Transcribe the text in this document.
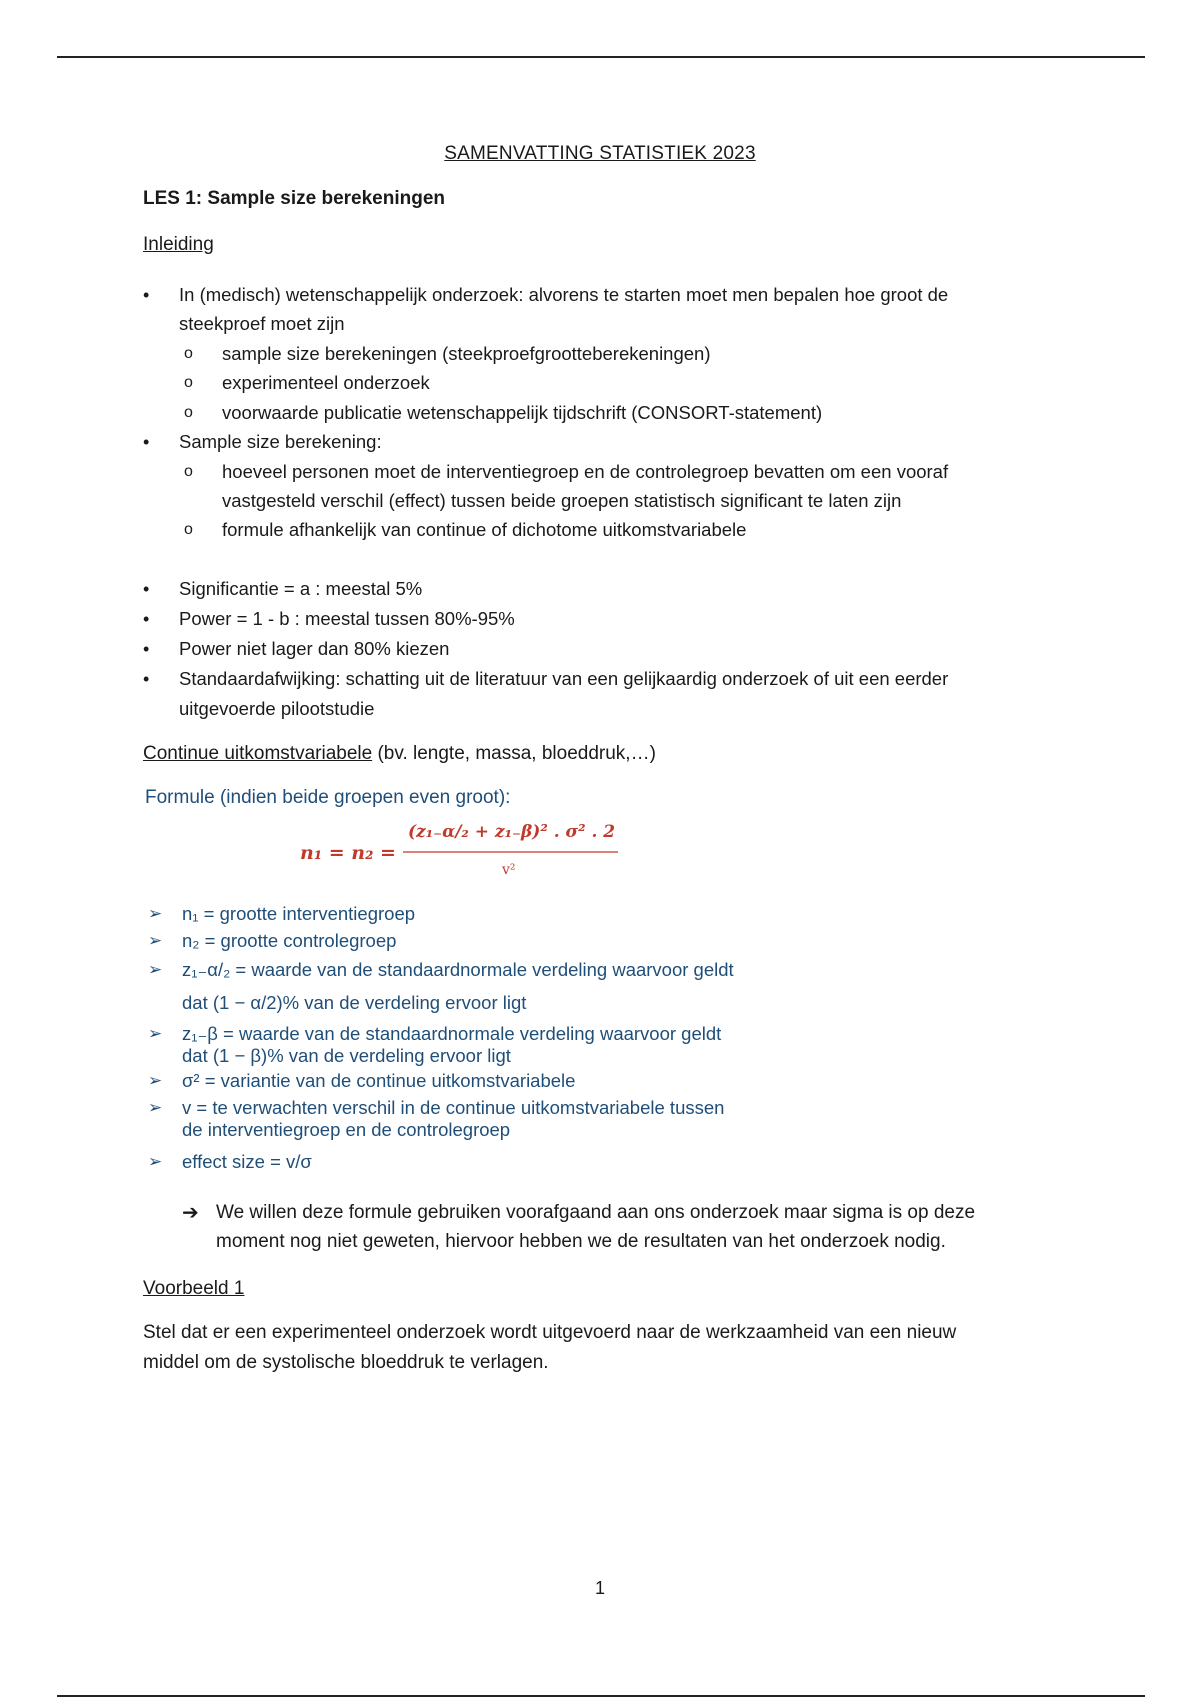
SAMENVATTING STATISTIEK 2023
LES 1: Sample size berekeningen
Inleiding
• In (medisch) wetenschappelijk onderzoek: alvorens te starten moet men bepalen hoe groot de
steekproef moet zijn
o sample size berekeningen (steekproefgrootteberekeningen)
o experimenteel onderzoek
o voorwaarde publicatie wetenschappelijk tijdschrift (CONSORT-statement)
• Sample size berekening:
o hoeveel personen moet de interventiegroep en de controlegroep bevatten om een vooraf
vastgesteld verschil (effect) tussen beide groepen statistisch significant te laten zijn
o formule afhankelijk van continue of dichotome uitkomstvariabele
• Significantie = a : meestal 5%
• Power = 1 - b : meestal tussen 80%-95%
• Power niet lager dan 80% kiezen
• Standaardafwijking: schatting uit de literatuur van een gelijkaardig onderzoek of uit een eerder
uitgevoerde pilootstudie
Continue uitkomstvariabele (bv. lengte, massa, bloeddruk,…)
Formule (indien beide groepen even groot):
n₁ = n₂ =
(z₁₋α/₂ + z₁₋β)² . σ² . 2
v²
➢ n₁ = grootte interventiegroep
➢ n₂ = grootte controlegroep
➢ z₁₋α/₂ = waarde van de standaardnormale verdeling waarvoor geldt
dat (1 − α/2)% van de verdeling ervoor ligt
➢ z₁₋β = waarde van de standaardnormale verdeling waarvoor geldt
dat (1 − β)% van de verdeling ervoor ligt
➢ σ² = variantie van de continue uitkomstvariabele
➢ v = te verwachten verschil in de continue uitkomstvariabele tussen
de interventiegroep en de controlegroep
➢ effect size = v/σ
➔ We willen deze formule gebruiken voorafgaand aan ons onderzoek maar sigma is op deze
moment nog niet geweten, hiervoor hebben we de resultaten van het onderzoek nodig.
Voorbeeld 1
Stel dat er een experimenteel onderzoek wordt uitgevoerd naar de werkzaamheid van een nieuw
middel om de systolische bloeddruk te verlagen.
1
